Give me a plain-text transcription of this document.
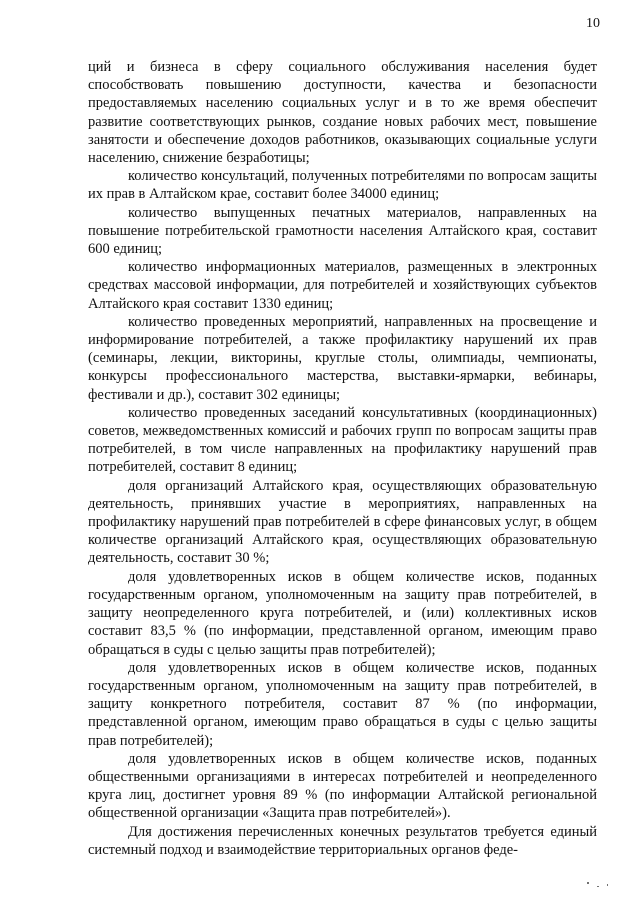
10

ций и бизнеса в сферу социального обслуживания населения будет способствовать повышению доступности, качества и безопасности предоставляемых населению социальных услуг и в то же время обеспечит развитие соответствующих рынков, создание новых рабочих мест, повышение занятости и обеспечение доходов работников, оказывающих социальные услуги населению, снижение безработицы;

количество консультаций, полученных потребителями по вопросам защиты их прав в Алтайском крае, составит более 34000 единиц;

количество выпущенных печатных материалов, направленных на повышение потребительской грамотности населения Алтайского края, составит 600 единиц;

количество информационных материалов, размещенных в электронных средствах массовой информации, для потребителей и хозяйствующих субъектов Алтайского края составит 1330 единиц;

количество проведенных мероприятий, направленных на просвещение и информирование потребителей, а также профилактику нарушений их прав (семинары, лекции, викторины, круглые столы, олимпиады, чемпионаты, конкурсы профессионального мастерства, выставки-ярмарки, вебинары, фестивали и др.), составит 302 единицы;

количество проведенных заседаний консультативных (координационных) советов, межведомственных комиссий и рабочих групп по вопросам защиты прав потребителей, в том числе направленных на профилактику нарушений прав потребителей, составит 8 единиц;

доля организаций Алтайского края, осуществляющих образовательную деятельность, принявших участие в мероприятиях, направленных на профилактику нарушений прав потребителей в сфере финансовых услуг, в общем количестве организаций Алтайского края, осуществляющих образовательную деятельность, составит 30 %;

доля удовлетворенных исков в общем количестве исков, поданных государственным органом, уполномоченным на защиту прав потребителей, в защиту неопределенного круга потребителей, и (или) коллективных исков составит 83,5 % (по информации, представленной органом, имеющим право обращаться в суды с целью защиты прав потребителей);

доля удовлетворенных исков в общем количестве исков, поданных государственным органом, уполномоченным на защиту прав потребителей, в защиту конкретного потребителя, составит 87 % (по информации, представленной органом, имеющим право обращаться в суды с целью защиты прав потребителей);

доля удовлетворенных исков в общем количестве исков, поданных общественными организациями в интересах потребителей и неопределенного круга лиц, достигнет уровня 89 % (по информации Алтайской региональной общественной организации «Защита прав потребителей»).

Для достижения перечисленных конечных результатов требуется единый системный подход и взаимодействие территориальных органов феде-
